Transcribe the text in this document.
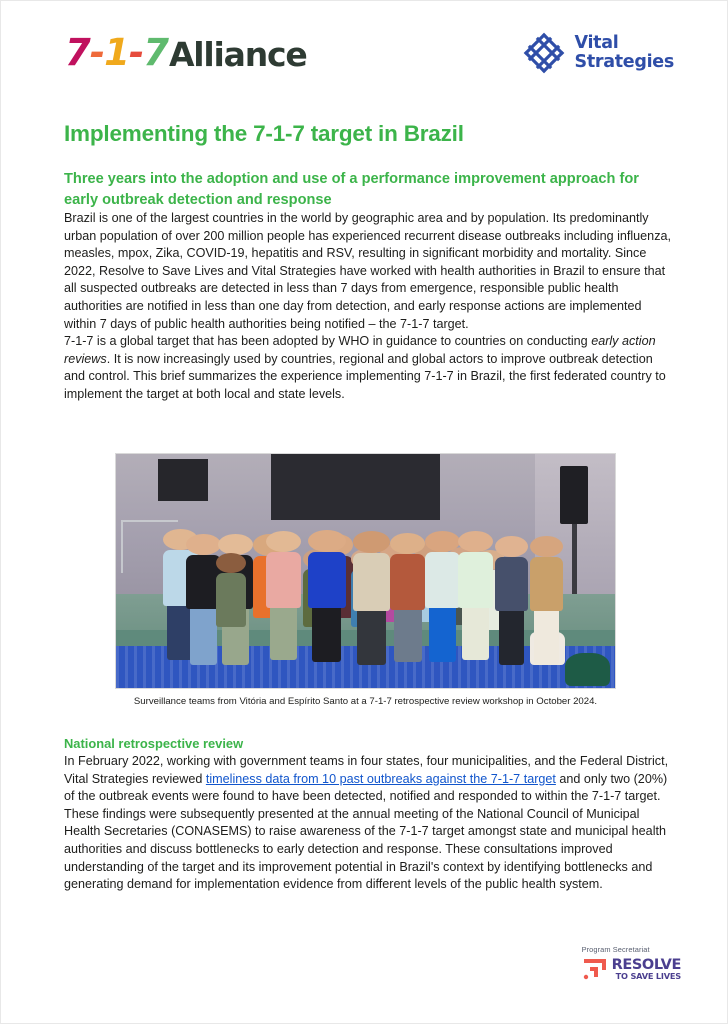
7 - 1 - 7 Alliance	Vital
Strategies
Implementing the 7-1-7 target in Brazil
Three years into the adoption and use of a performance improvement approach for early outbreak detection and response

Brazil is one of the largest countries in the world by geographic area and by population. Its predominantly urban population of over 200 million people has experienced recurrent disease outbreaks including influenza, measles, mpox, Zika, COVID-19, hepatitis and RSV, resulting in significant morbidity and mortality. Since 2022, Resolve to Save Lives and Vital Strategies have worked with health authorities in Brazil to ensure that all suspected outbreaks are detected in less than 7 days from emergence, responsible public health authorities are notified in less than one day from detection, and early response actions are implemented within 7 days of public health authorities being notified – the 7-1-7 target.

7-1-7 is a global target that has been adopted by WHO in guidance to countries on conducting early action reviews. It is now increasingly used by countries, regional and global actors to improve outbreak detection and control. This brief summarizes the experience implementing 7-1-7 in Brazil, the first federated country to implement the target at both local and state levels.

Surveillance teams from Vitória and Espírito Santo at a 7-1-7 retrospective review workshop in October 2024.
National retrospective review

In February 2022, working with government teams in four states, four municipalities, and the Federal District, Vital Strategies reviewed timeliness data from 10 past outbreaks against the 7-1-7 target and only two (20%) of the outbreak events were found to have been detected, notified and responded to within the 7-1-7 target. These findings were subsequently presented at the annual meeting of the National Council of Municipal Health Secretaries (CONASEMS) to raise awareness of the 7-1-7 target amongst state and municipal health authorities and discuss bottlenecks to early detection and response. These consultations improved understanding of the target and its improvement potential in Brazil's context by identifying bottlenecks and generating demand for implementation evidence from different levels of the public health system.

Program Secretariat
RESOLVE
TO SAVE LIVES
